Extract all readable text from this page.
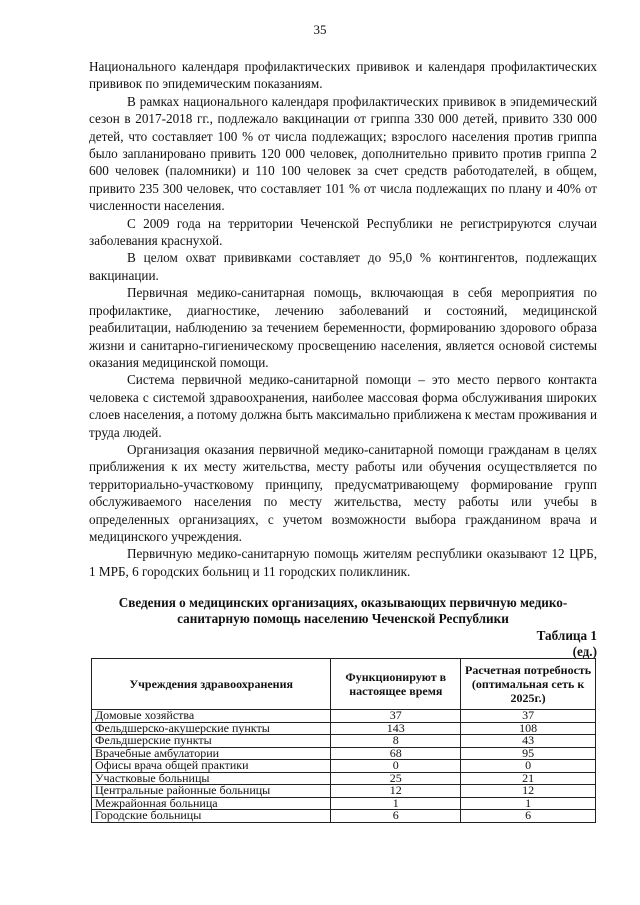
35

Национального календаря профилактических прививок и календаря профилактических прививок по эпидемическим показаниям.

В рамках национального календаря профилактических прививок в эпидемический сезон в 2017-2018 гг., подлежало вакцинации от гриппа 330 000 детей, привито 330 000 детей, что составляет 100 % от числа подлежащих; взрослого населения против гриппа было запланировано привить 120 000 человек, дополнительно привито против гриппа 2 600 человек (паломники) и 110 100 человек за счет средств работодателей, в общем, привито 235 300 человек, что составляет 101 % от числа подлежащих по плану и 40% от численности населения.

С 2009 года на территории Чеченской Республики не регистрируются случаи заболевания краснухой.

В целом охват прививками составляет до 95,0 % контингентов, подлежащих вакцинации.

Первичная медико-санитарная помощь, включающая в себя мероприятия по профилактике, диагностике, лечению заболеваний и состояний, медицинской реабилитации, наблюдению за течением беременности, формированию здорового образа жизни и санитарно-гигиеническому просвещению населения, является основой системы оказания медицинской помощи.

Система первичной медико-санитарной помощи – это место первого контакта человека с системой здравоохранения, наиболее массовая форма обслуживания широких слоев населения, а потому должна быть максимально приближена к местам проживания и труда людей.

Организация оказания первичной медико-санитарной помощи гражданам в целях приближения к их месту жительства, месту работы или обучения осуществляется по территориально-участковому принципу, предусматривающему формирование групп обслуживаемого населения по месту жительства, месту работы или учебы в определенных организациях, с учетом возможности выбора гражданином врача и медицинского учреждения.

Первичную медико-санитарную помощь жителям республики оказывают 12 ЦРБ, 1 МРБ, 6 городских больниц и 11 городских поликлиник.

Сведения о медицинских организациях, оказывающих первичную медико-санитарную помощь населению Чеченской Республики
Таблица 1
(ед.)
Учреждения здравоохранения	Функционируют в настоящее время	Расчетная потребность (оптимальная сеть к 2025г.)
Домовые хозяйства	37	37
Фельдшерско-акушерские пункты	143	108
Фельдшерские пункты	8	43
Врачебные амбулатории	68	95
Офисы врача общей практики	0	0
Участковые больницы	25	21
Центральные районные больницы	12	12
Межрайонная больница	1	1
Городские больницы	6	6
